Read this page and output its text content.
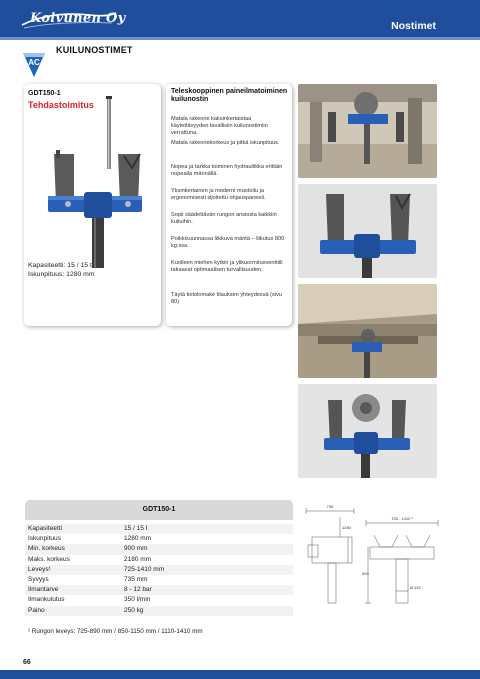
Koivunen Oy	Nostimet
KUILUNOSTIMET
AC
GDT150-1
Tehdastoimitus
Kapasiteetti: 15 / 15 t
Iskunpituus: 1280 mm
Teleskooppinen paineilmatoiminen kuilunostin
Matala rakenne kaksinkertaistaa käytettävyyden tavallisiin kuilunostimiin verrattuna.
Matala rakennekorkeus ja pitkä iskunpituus.
Nopea ja tarkka toiminen hydrauliikka erittäin nopealla männällä.
Yksinkertainen ja moderni muotoilu ja ergonomisesti sijoitettu ohjauspaneeli.
Sopii säädettävän rungon ansiosta kaikkiin kuiluihin.
Poikkisuunnassa liikkuva mäntä – liikutus 800 kg:ssa.
Kuolleen miehen kytkin ja ylikuormitusventtiili takaavat optimaalisen turvallisuuden.
Täytä tietolomake tilauksen yhteydessä (sivu 80)
GDT150-1
Kapasiteetti	15 / 15 t
Iskunpituus	1280 mm
Min. korkeus	900 mm
Maks. korkeus	2180 mm
Leveys¹	725-1410 mm
Syvyys	735 mm
Ilmantarve	8 - 12 bar
Ilmankulutus	350 l/min
Paino	250 kg
735
1280
725 - 1410 ¹
900
Ø 115
¹ Rungon leveys: 725-890 mm / 850-1150 mm / 1110-1410 mm
66
